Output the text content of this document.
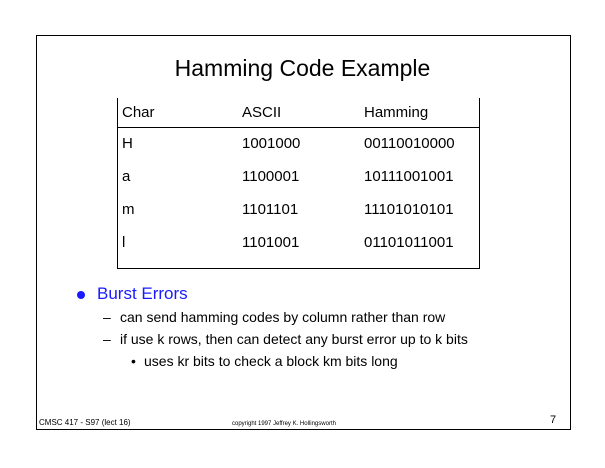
Hamming Code Example
Char	ASCII	Hamming
H	1001000	00110010000
a	1100001	10111001001
m	1101101	11101010101
l	1101001	01101011001
Burst Errors
– can send hamming codes by column rather than row
– if use k rows, then can detect any burst error up to k bits
• uses kr bits to check a block km bits long
CMSC 417 - S97 (lect 16)	copyright 1997 Jeffrey K. Hollingsworth	7
